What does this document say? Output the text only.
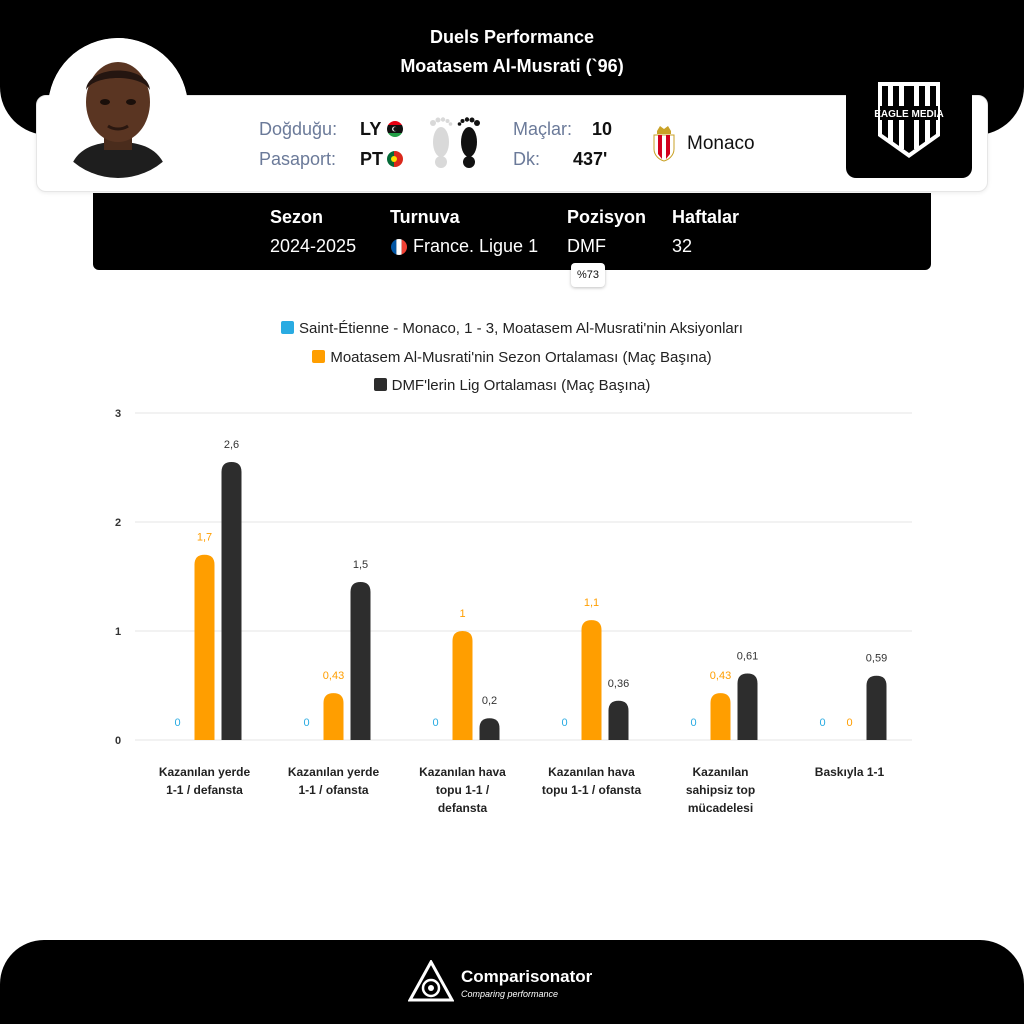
Duels Performance
Moatasem Al-Musrati (`96)
Doğduğu: LY
Pasaport: PT
Maçlar: 10
Dk: 437'
Monaco
EAGLE MEDIA
Sezon
2024-2025
Turnuva
France. Ligue 1
Pozisyon
DMF
Haftalar
32
%73
Saint-Étienne - Monaco, 1 - 3, Moatasem Al-Musrati'nin Aksiyonları
Moatasem Al-Musrati'nin Sezon Ortalaması (Maç Başına)
DMF'lerin Lig Ortalaması (Maç Başına)
0
1
2
3
0
1,7
2,6
Kazanılan yerde
1-1 / defansta
0
0,43
1,5
Kazanılan yerde
1-1 / ofansta
0
1
0,2
Kazanılan hava
topu 1-1 /
defansta
0
1,1
0,36
Kazanılan hava
topu 1-1 / ofansta
0
0,43
0,61
Kazanılan
sahipsiz top
mücadelesi
0 0
0,59
Baskıyla 1-1
Comparisonator
Comparing performance
